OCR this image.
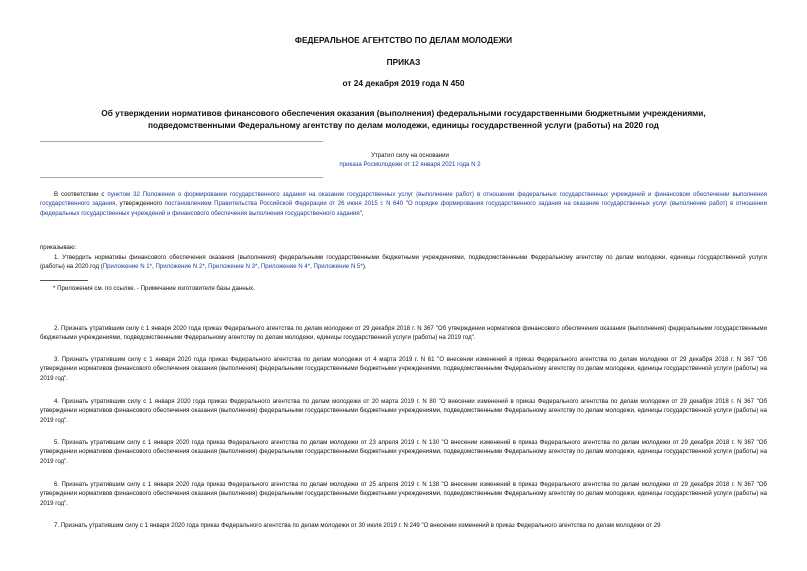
ФЕДЕРАЛЬНОЕ АГЕНТСТВО ПО ДЕЛАМ МОЛОДЕЖИ
ПРИКАЗ
от 24 декабря 2019 года N 450
Об утверждении нормативов финансового обеспечения оказания (выполнения) федеральными государственными бюджетными учреждениями,
подведомственными Федеральному агентству по делам молодежи, единицы государственной услуги (работы) на 2020 год
Утратил силу на основании
приказа Росмолодежи от 12 января 2021 года N 2

В соответствии с пунктом 32 Положения о формировании государственного задания на оказание государственных услуг (выполнение работ) в отношении федеральных государственных учреждений и финансовом обеспечении выполнения государственного задания, утвержденного постановлением Правительства Российской Федерации от 26 июня 2015 г. N 640 "О порядке формирования государственного задания на оказание государственных услуг (выполнение работ) в отношении федеральных государственных учреждений и финансового обеспечения выполнения государственного задания",

приказываю:

1. Утвердить нормативы финансового обеспечения оказания (выполнения) федеральными государственными бюджетными учреждениями, подведомственными Федеральному агентству по делам молодежи, единицы государственной услуги (работы) на 2020 год (Приложение N 1*, Приложение N 2*, Приложение N 3*, Приложение N 4*, Приложение N 5*).

* Приложения см. по ссылке. - Примечание изготовителя базы данных.

2. Признать утратившим силу с 1 января 2020 года приказ Федерального агентства по делам молодежи от 29 декабря 2018 г. N 367 "Об утверждении нормативов финансового обеспечения оказания (выполнения) федеральными государственными бюджетными учреждениями, подведомственными Федеральному агентству по делам молодежи, единицы государственной услуги (работы) на 2019 год".

3. Признать утратившим силу с 1 января 2020 года приказ Федерального агентства по делам молодежи от 4 марта 2019 г. N 61 "О внесении изменений в приказ Федерального агентства по делам молодежи от 29 декабря 2018 г. N 367 "Об утверждении нормативов финансового обеспечения оказания (выполнения) федеральными государственными бюджетными учреждениями, подведомственными Федеральному агентству по делам молодежи, единицы государственной услуги (работы) на 2019 год".

4. Признать утратившим силу с 1 января 2020 года приказ Федерального агентства по делам молодежи от 20 марта 2019 г. N 80 "О внесении изменений в приказ Федерального агентства по делам молодежи от 29 декабря 2018 г. N 367 "Об утверждении нормативов финансового обеспечения оказания (выполнения) федеральными государственными бюджетными учреждениями, подведомственными Федеральному агентству по делам молодежи, единицы государственной услуги (работы) на 2019 год".

5. Признать утратившим силу с 1 января 2020 года приказ Федерального агентства по делам молодежи от 23 апреля 2019 г. N 130 "О внесении изменений в приказ Федерального агентства по делам молодежи от 29 декабря 2018 г. N 367 "Об утверждении нормативов финансового обеспечения оказания (выполнения) федеральными государственными бюджетными учреждениями, подведомственными Федеральному агентству по делам молодежи, единицы государственной услуги (работы) на 2019 год".

6. Признать утратившим силу с 1 января 2020 года приказ Федерального агентства по делам молодежи от 25 апреля 2019 г. N 138 "О внесении изменений в приказ Федерального агентства по делам молодежи от 29 декабря 2018 г. N 367 "Об утверждении нормативов финансового обеспечения оказания (выполнения) федеральными государственными бюджетными учреждениями, подведомственными Федеральному агентству по делам молодежи, единицы государственной услуги (работы) на 2019 год".

7. Признать утратившим силу с 1 января 2020 года приказ Федерального агентства по делам молодежи от 30 июля 2019 г. N 249 "О внесении изменений в приказ Федерального агентства по делам молодежи от 29
